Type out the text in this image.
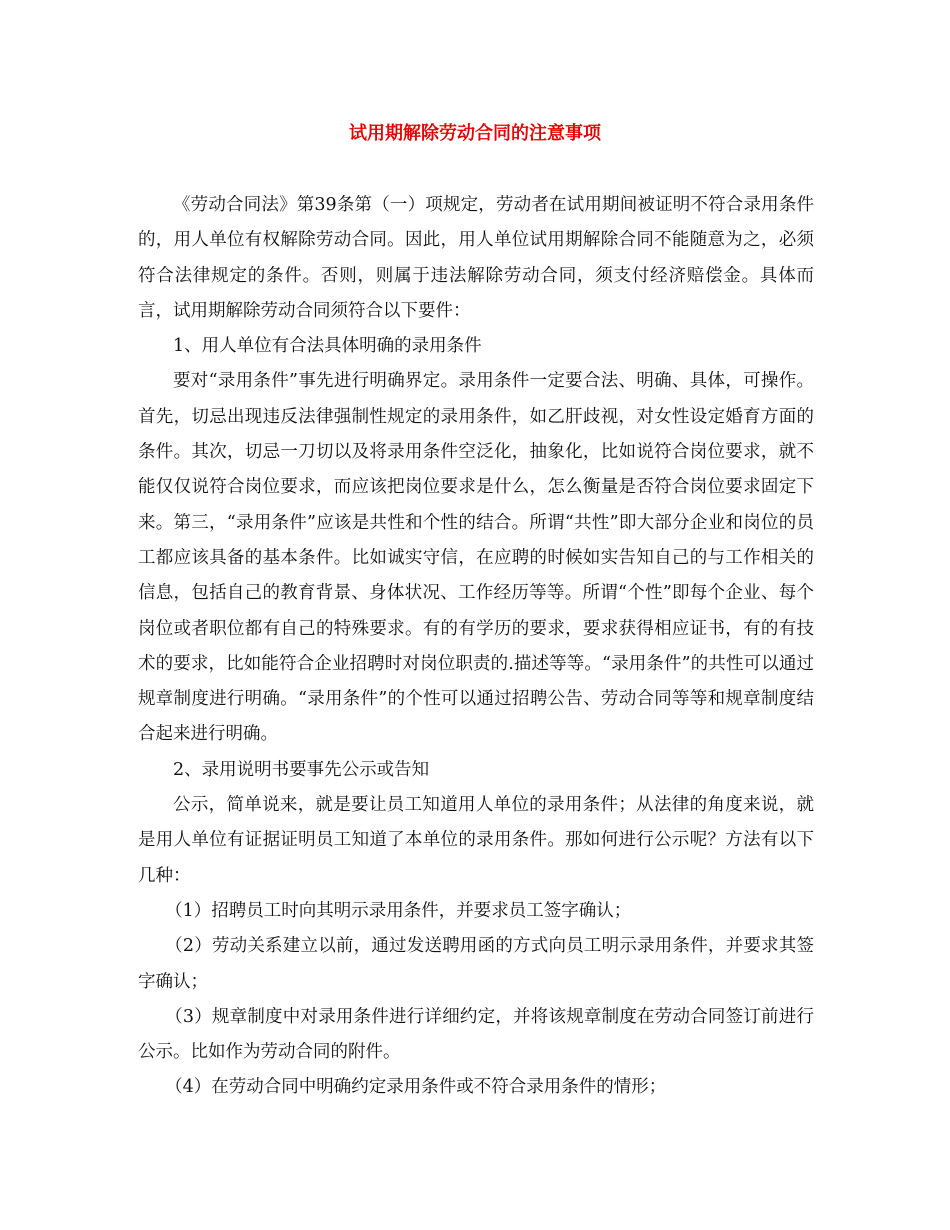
试用期解除劳动合同的注意事项

《劳动合同法》第39条第（一）项规定，劳动者在试用期间被证明不符合录用条件的，用人单位有权解除劳动合同。因此，用人单位试用期解除合同不能随意为之，必须符合法律规定的条件。否则，则属于违法解除劳动合同，须支付经济赔偿金。具体而言，试用期解除劳动合同须符合以下要件：

1、用人单位有合法具体明确的录用条件

要对“录用条件”事先进行明确界定。录用条件一定要合法、明确、具体，可操作。首先，切忌出现违反法律强制性规定的录用条件，如乙肝歧视，对女性设定婚育方面的条件。其次，切忌一刀切以及将录用条件空泛化，抽象化，比如说符合岗位要求，就不能仅仅说符合岗位要求，而应该把岗位要求是什么，怎么衡量是否符合岗位要求固定下来。第三，“录用条件”应该是共性和个性的结合。所谓“共性”即大部分企业和岗位的员工都应该具备的基本条件。比如诚实守信，在应聘的时候如实告知自己的与工作相关的信息，包括自己的教育背景、身体状况、工作经历等等。所谓“个性”即每个企业、每个岗位或者职位都有自己的特殊要求。有的有学历的要求，要求获得相应证书，有的有技术的要求，比如能符合企业招聘时对岗位职责的.描述等等。“录用条件”的共性可以通过规章制度进行明确。“录用条件”的个性可以通过招聘公告、劳动合同等等和规章制度结合起来进行明确。

2、录用说明书要事先公示或告知

公示，简单说来，就是要让员工知道用人单位的录用条件；从法律的角度来说，就是用人单位有证据证明员工知道了本单位的录用条件。那如何进行公示呢？方法有以下几种：

（1）招聘员工时向其明示录用条件，并要求员工签字确认；

（2）劳动关系建立以前，通过发送聘用函的方式向员工明示录用条件，并要求其签字确认；

（3）规章制度中对录用条件进行详细约定，并将该规章制度在劳动合同签订前进行公示。比如作为劳动合同的附件。

（4）在劳动合同中明确约定录用条件或不符合录用条件的情形；
